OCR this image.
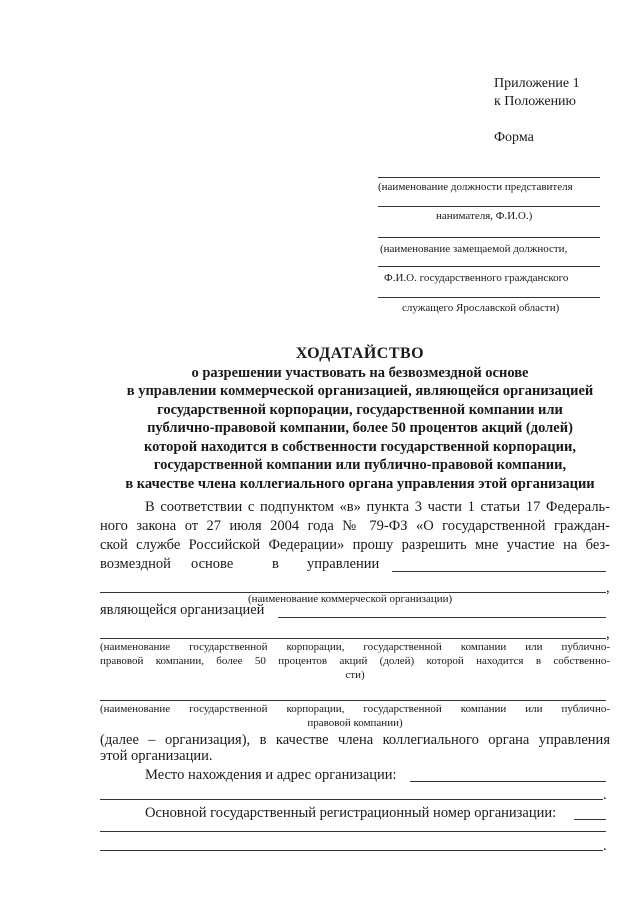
Приложение 1
к Положению
Форма
(наименование должности представителя
нанимателя, Ф.И.О.)
(наименование замещаемой должности,
Ф.И.О. государственного гражданского
служащего Ярославской области)
ХОДАТАЙСТВО
о разрешении участвовать на безвозмездной основе
в управлении коммерческой организацией, являющейся организацией
государственной корпорации, государственной компании или
публично-правовой компании, более 50 процентов акций (долей)
которой находится в собственности государственной корпорации,
государственной компании или публично-правовой компании,
в качестве члена коллегиального органа управления этой организации
В соответствии с подпунктом «в» пункта 3 части 1 статьи 17 Федераль-
ного закона от 27 июля 2004 года № 79-ФЗ «О государственной граждан-
ской службе Российской Федерации» прошу разрешить мне участие на без-
возмездной основе	в управлении
,
(наименование коммерческой организации)
являющейся организацией
,
(наименование государственной корпорации, государственной компании или публично-
правовой компании, более 50 процентов акций (долей) которой находится в собственно-
сти)
(наименование государственной корпорации, государственной компании или публично-
правовой компании)
(далее – организация), в качестве члена коллегиального органа управления
этой организации.
Место нахождения и адрес организации:
.
Основной государственный регистрационный номер организации:
.
